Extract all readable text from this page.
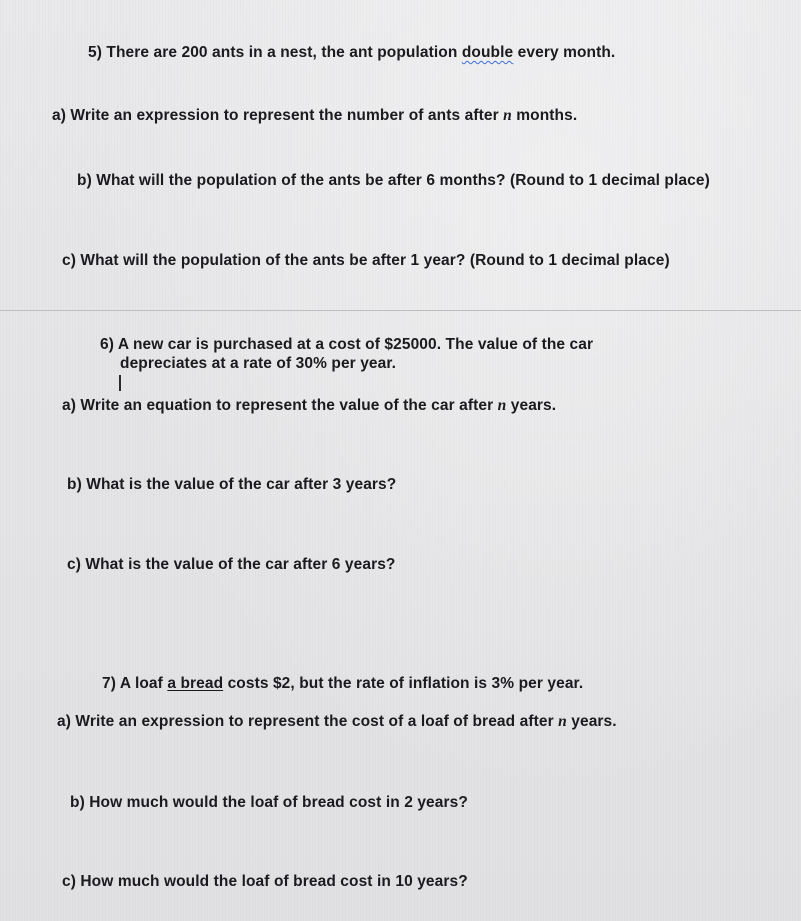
5) There are 200 ants in a nest, the ant population double every month.
a) Write an expression to represent the number of ants after n months.
b) What will the population of the ants be after 6 months? (Round to 1 decimal place)
c) What will the population of the ants be after 1 year? (Round to 1 decimal place)
6) A new car is purchased at a cost of $25000. The value of the car
depreciates at a rate of 30% per year.
a) Write an equation to represent the value of the car after n years.
b) What is the value of the car after 3 years?
c) What is the value of the car after 6 years?
7) A loaf a bread costs $2, but the rate of inflation is 3% per year.
a) Write an expression to represent the cost of a loaf of bread after n years.
b) How much would the loaf of bread cost in 2 years?
c) How much would the loaf of bread cost in 10 years?
